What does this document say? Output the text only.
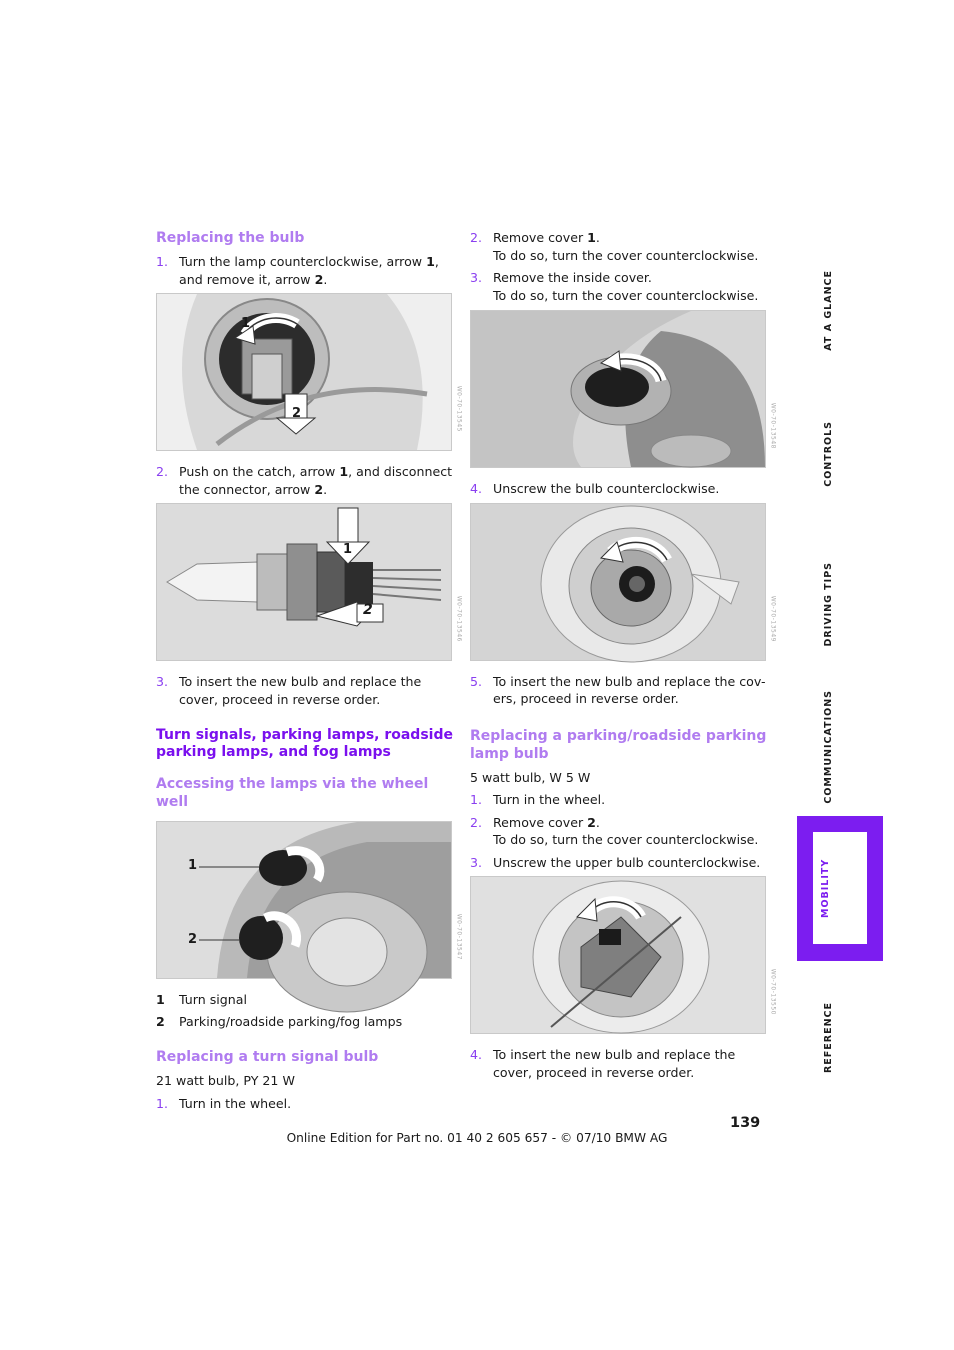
Replacing the bulb
1. Turn the lamp counterclockwise, arrow 1, and remove it, arrow 2.
1
2	W0-70-13545
2. Push on the catch, arrow 1, and disconnect the connector, arrow 2.
1
2	W0-70-13546
3. To insert the new bulb and replace the cover, proceed in reverse order.
Turn signals, parking lamps, roadside parking lamps, and fog lamps
Accessing the lamps via the wheel well
1
2	W0-70-13547
1	Turn signal
2	Parking/roadside parking/fog lamps
Replacing a turn signal bulb
21 watt bulb, PY 21 W
1. Turn in the wheel.
2. Remove cover 1.
To do so, turn the cover counterclockwise.
3. Remove the inside cover.
To do so, turn the cover counterclockwise.
W0-70-13548
4. Unscrew the bulb counterclockwise.
W0-70-13549
5. To insert the new bulb and replace the cov-ers, proceed in reverse order.
Replacing a parking/roadside parking lamp bulb
5 watt bulb, W 5 W
1. Turn in the wheel.
2. Remove cover 2.
To do so, turn the cover counterclockwise.
3. Unscrew the upper bulb counterclockwise.
W0-70-13550
4. To insert the new bulb and replace the cover, proceed in reverse order.
139
Online Edition for Part no. 01 40 2 605 657 - © 07/10 BMW AG
AT A GLANCE
CONTROLS
DRIVING TIPS
COMMUNICATIONS
MOBILITY
REFERENCE
